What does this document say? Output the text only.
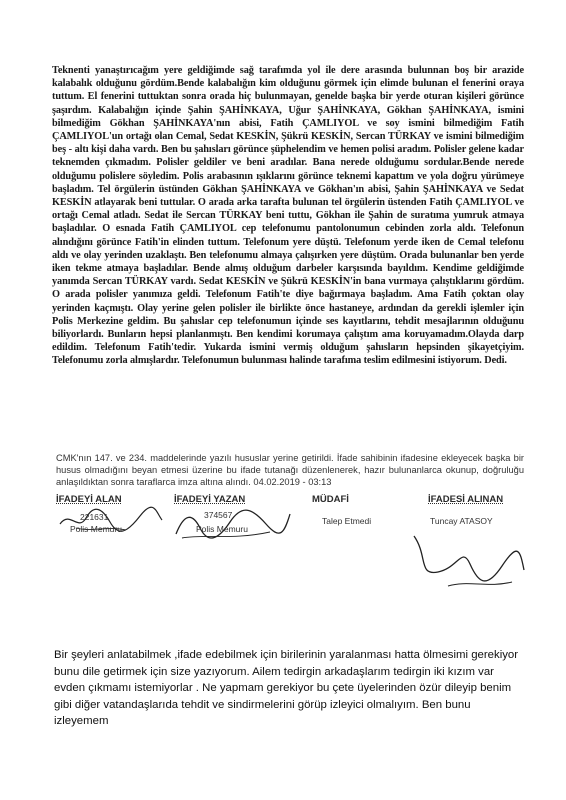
Teknenti yanaştırıcağım yere geldiğimde sağ tarafımda yol ile dere arasında bulunnan boş bir arazide kalabalık olduğunu gördüm.Bende kalabalığın kim olduğunu görmek için elimde bulunan el fenerini oraya tuttum. El fenerini tuttuktan sonra orada hiç bulunmayan, genelde başka bir yerde oturan kişileri görünce şaşırdım. Kalabalığın içinde Şahin ŞAHİNKAYA, Uğur ŞAHİNKAYA, Gökhan ŞAHİNKAYA, ismini bilmediğim Gökhan ŞAHİNKAYA'nın abisi, Fatih ÇAMLIYOL ve soy ismini bilmediğim Fatih ÇAMLIYOL'un ortağı olan Cemal, Sedat KESKİN, Şükrü KESKİN, Sercan TÜRKAY ve ismini bilmediğim beş - altı kişi daha vardı. Ben bu şahısları görünce şüphelendim ve hemen polisi aradım. Polisler gelene kadar teknemden çıkmadım. Polisler geldiler ve beni aradılar. Bana nerede olduğumu sordular.Bende nerede olduğumu polislere söyledim. Polis arabasının ışıklarını görünce teknemi kapattım ve yola doğru yürümeye başladım. Tel örgülerin üstünden Gökhan ŞAHİNKAYA ve Gökhan'ın abisi, Şahin ŞAHİNKAYA ve Sedat KESKİN atlayarak beni tuttular. O arada arka tarafta bulunan tel örgülerin üstenden Fatih ÇAMLIYOL ve ortağı Cemal atladı. Sedat ile Sercan TÜRKAY beni tuttu, Gökhan ile Şahin de suratıma yumruk atmaya başladılar. O esnada Fatih ÇAMLIYOL cep telefonumu pantolonumun cebinden zorla aldı. Telefonun alındığını görünce Fatih'in elinden tuttum. Telefonum yere düştü. Telefonum yerde iken de Cemal telefonu aldı ve olay yerinden uzaklaştı. Ben telefonumu almaya çalışırken yere düştüm. Orada bulunanlar ben yerde iken tekme atmaya başladılar. Bende almış olduğum darbeler karşısında bayıldım. Kendime geldiğimde yanımda Sercan TÜRKAY vardı. Sedat KESKİN ve Şükrü KESKİN'in bana vurmaya çalıştıklarını gördüm. O arada polisler yanımıza geldi. Telefonum Fatih'te diye bağırmaya başladım. Ama Fatih çoktan olay yerinden kaçmıştı. Olay yerine gelen polisler ile birlikte önce hastaneye, ardından da gerekli işlemler için Polis Merkezine geldim. Bu şahıslar cep telefonumun içinde ses kayıtlarını, tehdit mesajlarının olduğunu biliyorlardı. Bunların hepsi planlanmıştı. Ben kendimi korumaya çalıştım ama koruyamadım.Olayda darp edildim. Telefonum Fatih'tedir. Yukarda ismini vermiş olduğum şahısların hepsinden şikayetçiyim. Telefonumu zorla almışlardır. Telefonumun bulunması halinde tarafıma teslim edilmesini istiyorum. Dedi.

CMK'nın 147. ve 234. maddelerinde yazılı hususlar yerine getirildi. İfade sahibinin ifadesine ekleyecek başka bir husus olmadığını beyan etmesi üzerine bu ifade tutanağı düzenlenerek, hazır bulunanlarca okunup, doğruluğu anlaşıldıktan sonra taraflarca imza altına alındı. 04.02.2019 - 03:13

İFADEYİ ALAN
221631
Polis Memuru
İFADEYİ YAZAN
374567
Polis Memuru
MÜDAFİ
Talep Etmedi
İFADESİ ALINAN
Tuncay ATASOY

Bir şeyleri anlatabilmek ,ifade edebilmek için birilerinin yaralanması hatta ölmesimi gerekiyor bunu dile getirmek için size yazıyorum. Ailem tedirgin arkadaşlarım tedirgin iki kızım var evden çıkmamı istemiyorlar . Ne yapmam gerekiyor bu çete üyelerinden özür dileyip benim gibi diğer vatandaşlarıda tehdit ve sindirmelerini görüp izleyici olmalıyım. Ben bunu izleyemem
